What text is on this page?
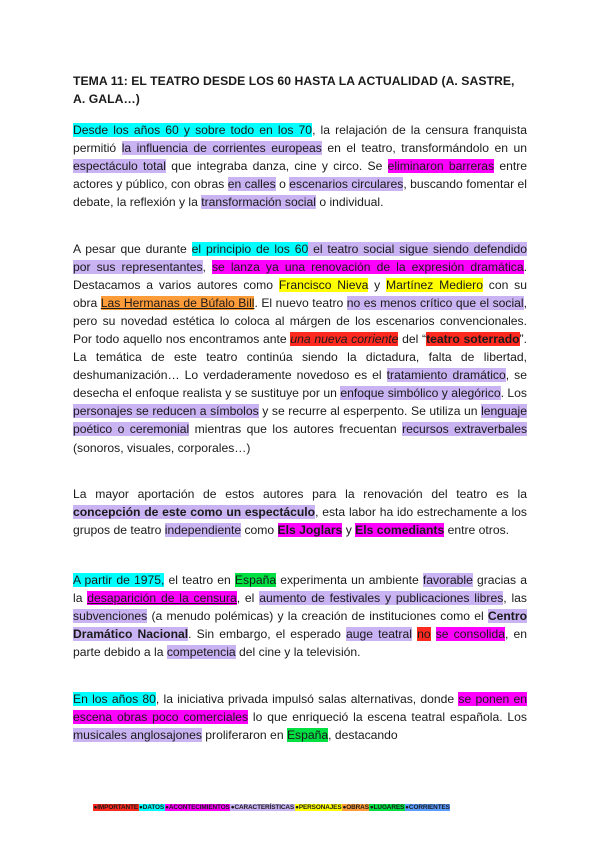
TEMA 11: EL TEATRO DESDE LOS 60 HASTA LA ACTUALIDAD (A. SASTRE, A. GALA…)

Desde los años 60 y sobre todo en los 70, la relajación de la censura franquista permitió la influencia de corrientes europeas en el teatro, transformándolo en un espectáculo total que integraba danza, cine y circo. Se eliminaron barreras entre actores y público, con obras en calles o escenarios circulares, buscando fomentar el debate, la reflexión y la transformación social o individual.

A pesar que durante el principio de los 60 el teatro social sigue siendo defendido por sus representantes, se lanza ya una renovación de la expresión dramática. Destacamos a varios autores como Francisco Nieva y Martínez Mediero con su obra Las Hermanas de Búfalo Bill. El nuevo teatro no es menos crítico que el social, pero su novedad estética lo coloca al márgen de los escenarios convencionales. Por todo aquello nos encontramos ante una nueva corriente del “teatro soterrado”. La temática de este teatro continúa siendo la dictadura, falta de libertad, deshumanización… Lo verdaderamente novedoso es el tratamiento dramático, se desecha el enfoque realista y se sustituye por un enfoque simbólico y alegórico. Los personajes se reducen a símbolos y se recurre al esperpento. Se utiliza un lenguaje poético o ceremonial mientras que los autores frecuentan recursos extraverbales (sonoros, visuales, corporales…)

La mayor aportación de estos autores para la renovación del teatro es la concepción de este como un espectáculo, esta labor ha ido estrechamente a los grupos de teatro independiente como Els Joglars y Els comediants entre otros.

A partir de 1975, el teatro en España experimenta un ambiente favorable gracias a la desaparición de la censura, el aumento de festivales y publicaciones libres, las subvenciones (a menudo polémicas) y la creación de instituciones como el Centro Dramático Nacional. Sin embargo, el esperado auge teatral no se consolida, en parte debido a la competencia del cine y la televisión.

En los años 80, la iniciativa privada impulsó salas alternativas, donde se ponen en escena obras poco comerciales lo que enriqueció la escena teatral española. Los musicales anglosajones proliferaron en España, destacando

●IMPORTANTE●DATOS●ACONTECIMIENTOS●CARACTERÍSTICAS●PERSONAJES●OBRAS●LUGARES●CORRIENTES
